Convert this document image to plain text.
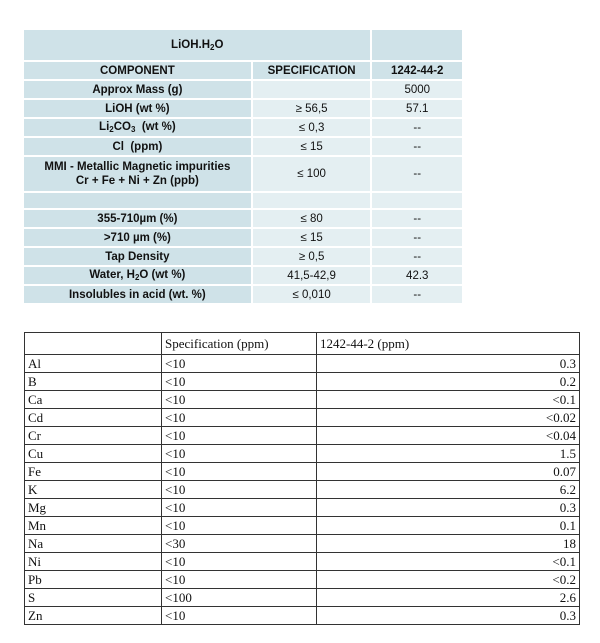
$LiOH.H_2O$		
COMPONENT	SPECIFICATION	1242-44-2
Approx Mass (g)		5000
LiOH (wt %)	≥ 56,5	57.1
$Li_2CO_3$  (wt %)	≤ 0,3	--
Cl  (ppm)	≤ 15	--

MMI - Metallic Magnetic impurities
Cr + Fe + Ni + Zn (ppb)	≤ 100	--

355-710µm (%)	≤ 80	--
>710 µm (%)	≤ 15	--
Tap Density	≥ 0,5	--
Water, $H_2O$ (wt %)	41,5-42,9	42.3
Insolubles in acid (wt. %)	≤ 0,010	--
	Specification (ppm)	1242-44-2 (ppm)
Al	<10	0.3
B	<10	0.2
Ca	<10	<0.1
Cd	<10	<0.02
Cr	<10	<0.04
Cu	<10	1.5
Fe	<10	0.07
K	<10	6.2
Mg	<10	0.3
Mn	<10	0.1
Na	<30	18
Ni	<10	<0.1
Pb	<10	<0.2
S	<100	2.6
Zn	<10	0.3
